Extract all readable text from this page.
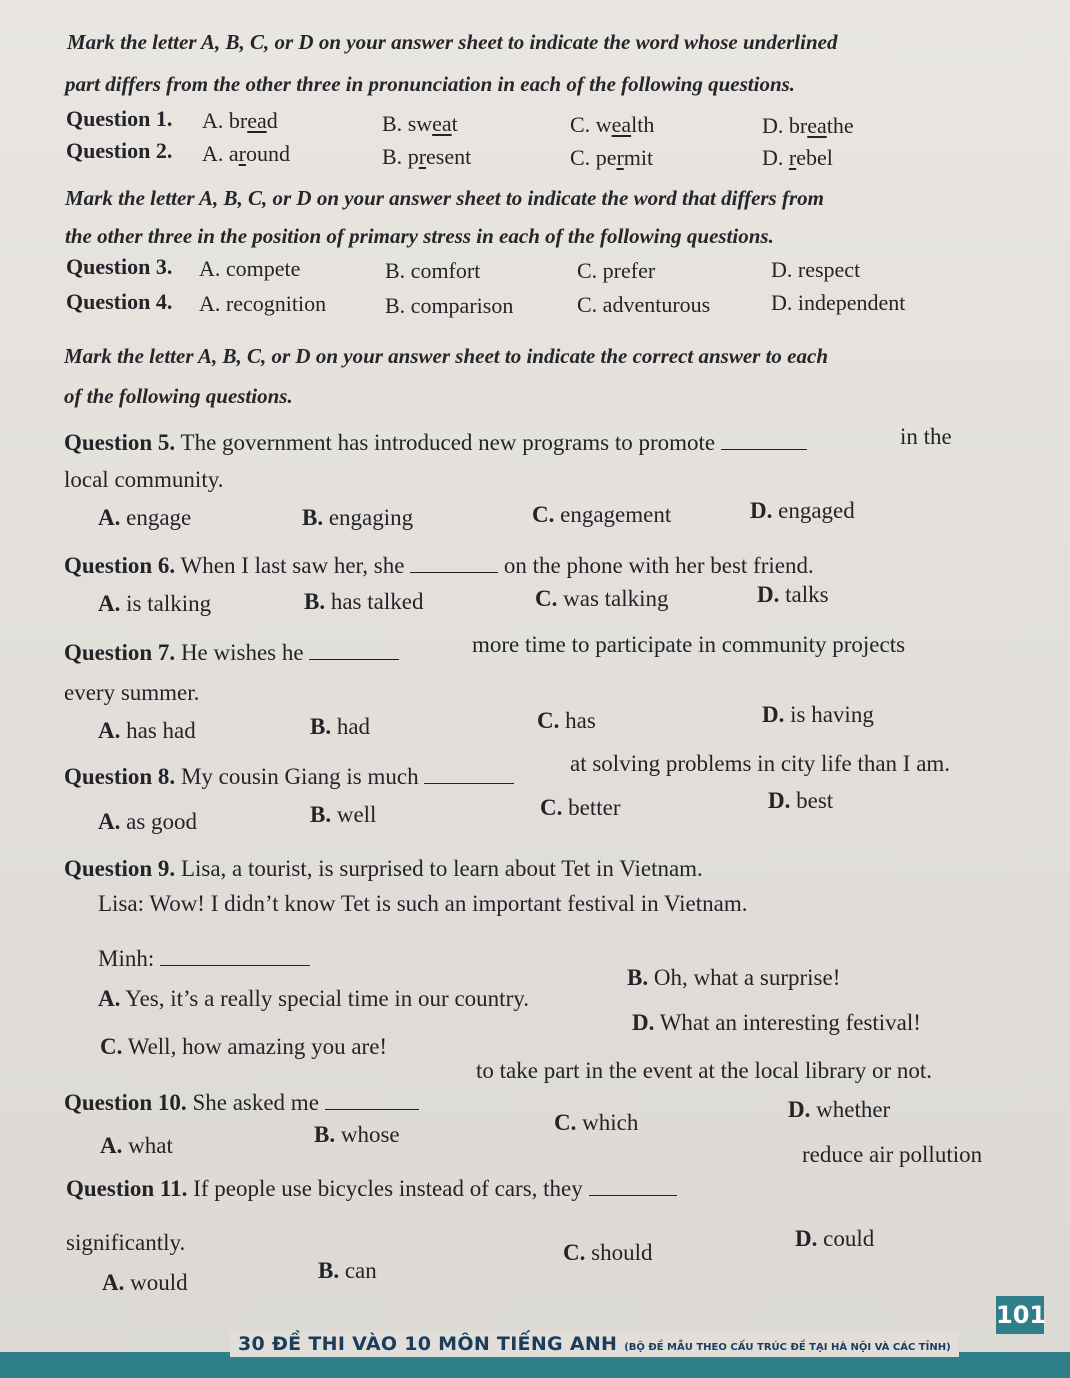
Mark the letter A, B, C, or D on your answer sheet to indicate the word whose underlined
part differs from the other three in pronunciation in each of the following questions.
Question 1. A. bread	B. sweat	C. wealth	D. breathe
Question 2. A. around	B. present	C. permit	D. rebel
Mark the letter A, B, C, or D on your answer sheet to indicate the word that differs from
the other three in the position of primary stress in each of the following questions.
Question 3. A. compete	B. comfort	C. prefer	D. respect
Question 4. A. recognition	B. comparison	C. adventurous	D. independent
Mark the letter A, B, C, or D on your answer sheet to indicate the correct answer to each
of the following questions.
Question 5. The government has introduced new programs to promote	in the
local community.
A. engage	B. engaging	C. engagement	D. engaged
Question 6. When I last saw her, she	on the phone with her best friend.
A. is talking	B. has talked	C. was talking	D. talks
Question 7. He wishes he	more time to participate in community projects
every summer.
A. has had	B. had	C. has	D. is having
Question 8. My cousin Giang is much
at solving problems in city life than I am.
A. as good	B. well	C. better	D. best
Question 9. Lisa, a tourist, is surprised to learn about Tet in Vietnam.
Lisa: Wow! I didn’t know Tet is such an important festival in Vietnam.
Minh:
A. Yes, it’s a really special time in our country.
B. Oh, what a surprise!
C. Well, how amazing you are!
D. What an interesting festival!
Question 10. She asked me
to take part in the event at the local library or not.
A. what	B. whose	C. which
D. whether
Question 11. If people use bicycles instead of cars, they
reduce air pollution
significantly.
A. would	B. can
C. should
D. could
30 ĐỀ THI VÀO 10 MÔN TIẾNG ANH (BỘ ĐỀ MẪU THEO CẤU TRÚC ĐỀ TẠI HÀ NỘI VÀ CÁC TỈNH)
101
